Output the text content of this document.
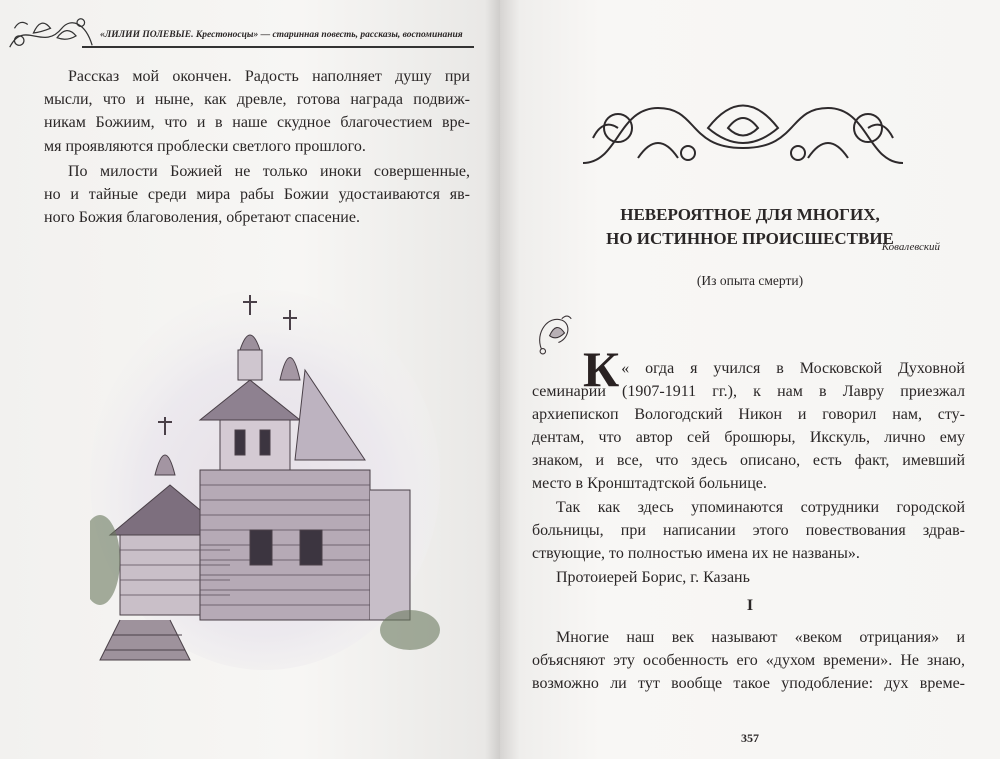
«ЛИЛИИ ПОЛЕВЫЕ. Крестоносцы» — старинная повесть, рассказы, воспоминания
Рассказ мой окончен. Радость наполняет душу при
мысли, что и ныне, как древле, готова награда подвиж-
никам Божиим, что и в наше скудное благочестием вре-
мя проявляются проблески светлого прошлого.
По милости Божией не только иноки совершенные,
но и тайные среди мира рабы Божии удостаиваются яв-
ного Божия благоволения, обретают спасение.
Ковалевский
НЕВЕРОЯТНОЕ ДЛЯ МНОГИХ,
НО ИСТИННОЕ ПРОИСШЕСТВИЕ
(Из опыта смерти)
К « огда я учился в Московской Духовной
семинарии (1907-1911 гг.), к нам в Лавру приезжал
архиепископ Вологодский Никон и говорил нам, сту-
дентам, что автор сей брошюры, Икскуль, лично ему
знаком, и все, что здесь описано, есть факт, имевший
место в Кронштадтской больнице.
Так как здесь упоминаются сотрудники городской
больницы, при написании этого повествования здрав-
ствующие, то полностью имена их не названы».
Протоиерей Борис, г. Казань
I
Многие наш век называют «веком отрицания» и
объясняют эту особенность его «духом времени». Не знаю,
возможно ли тут вообще такое уподобление: дух време-
357
